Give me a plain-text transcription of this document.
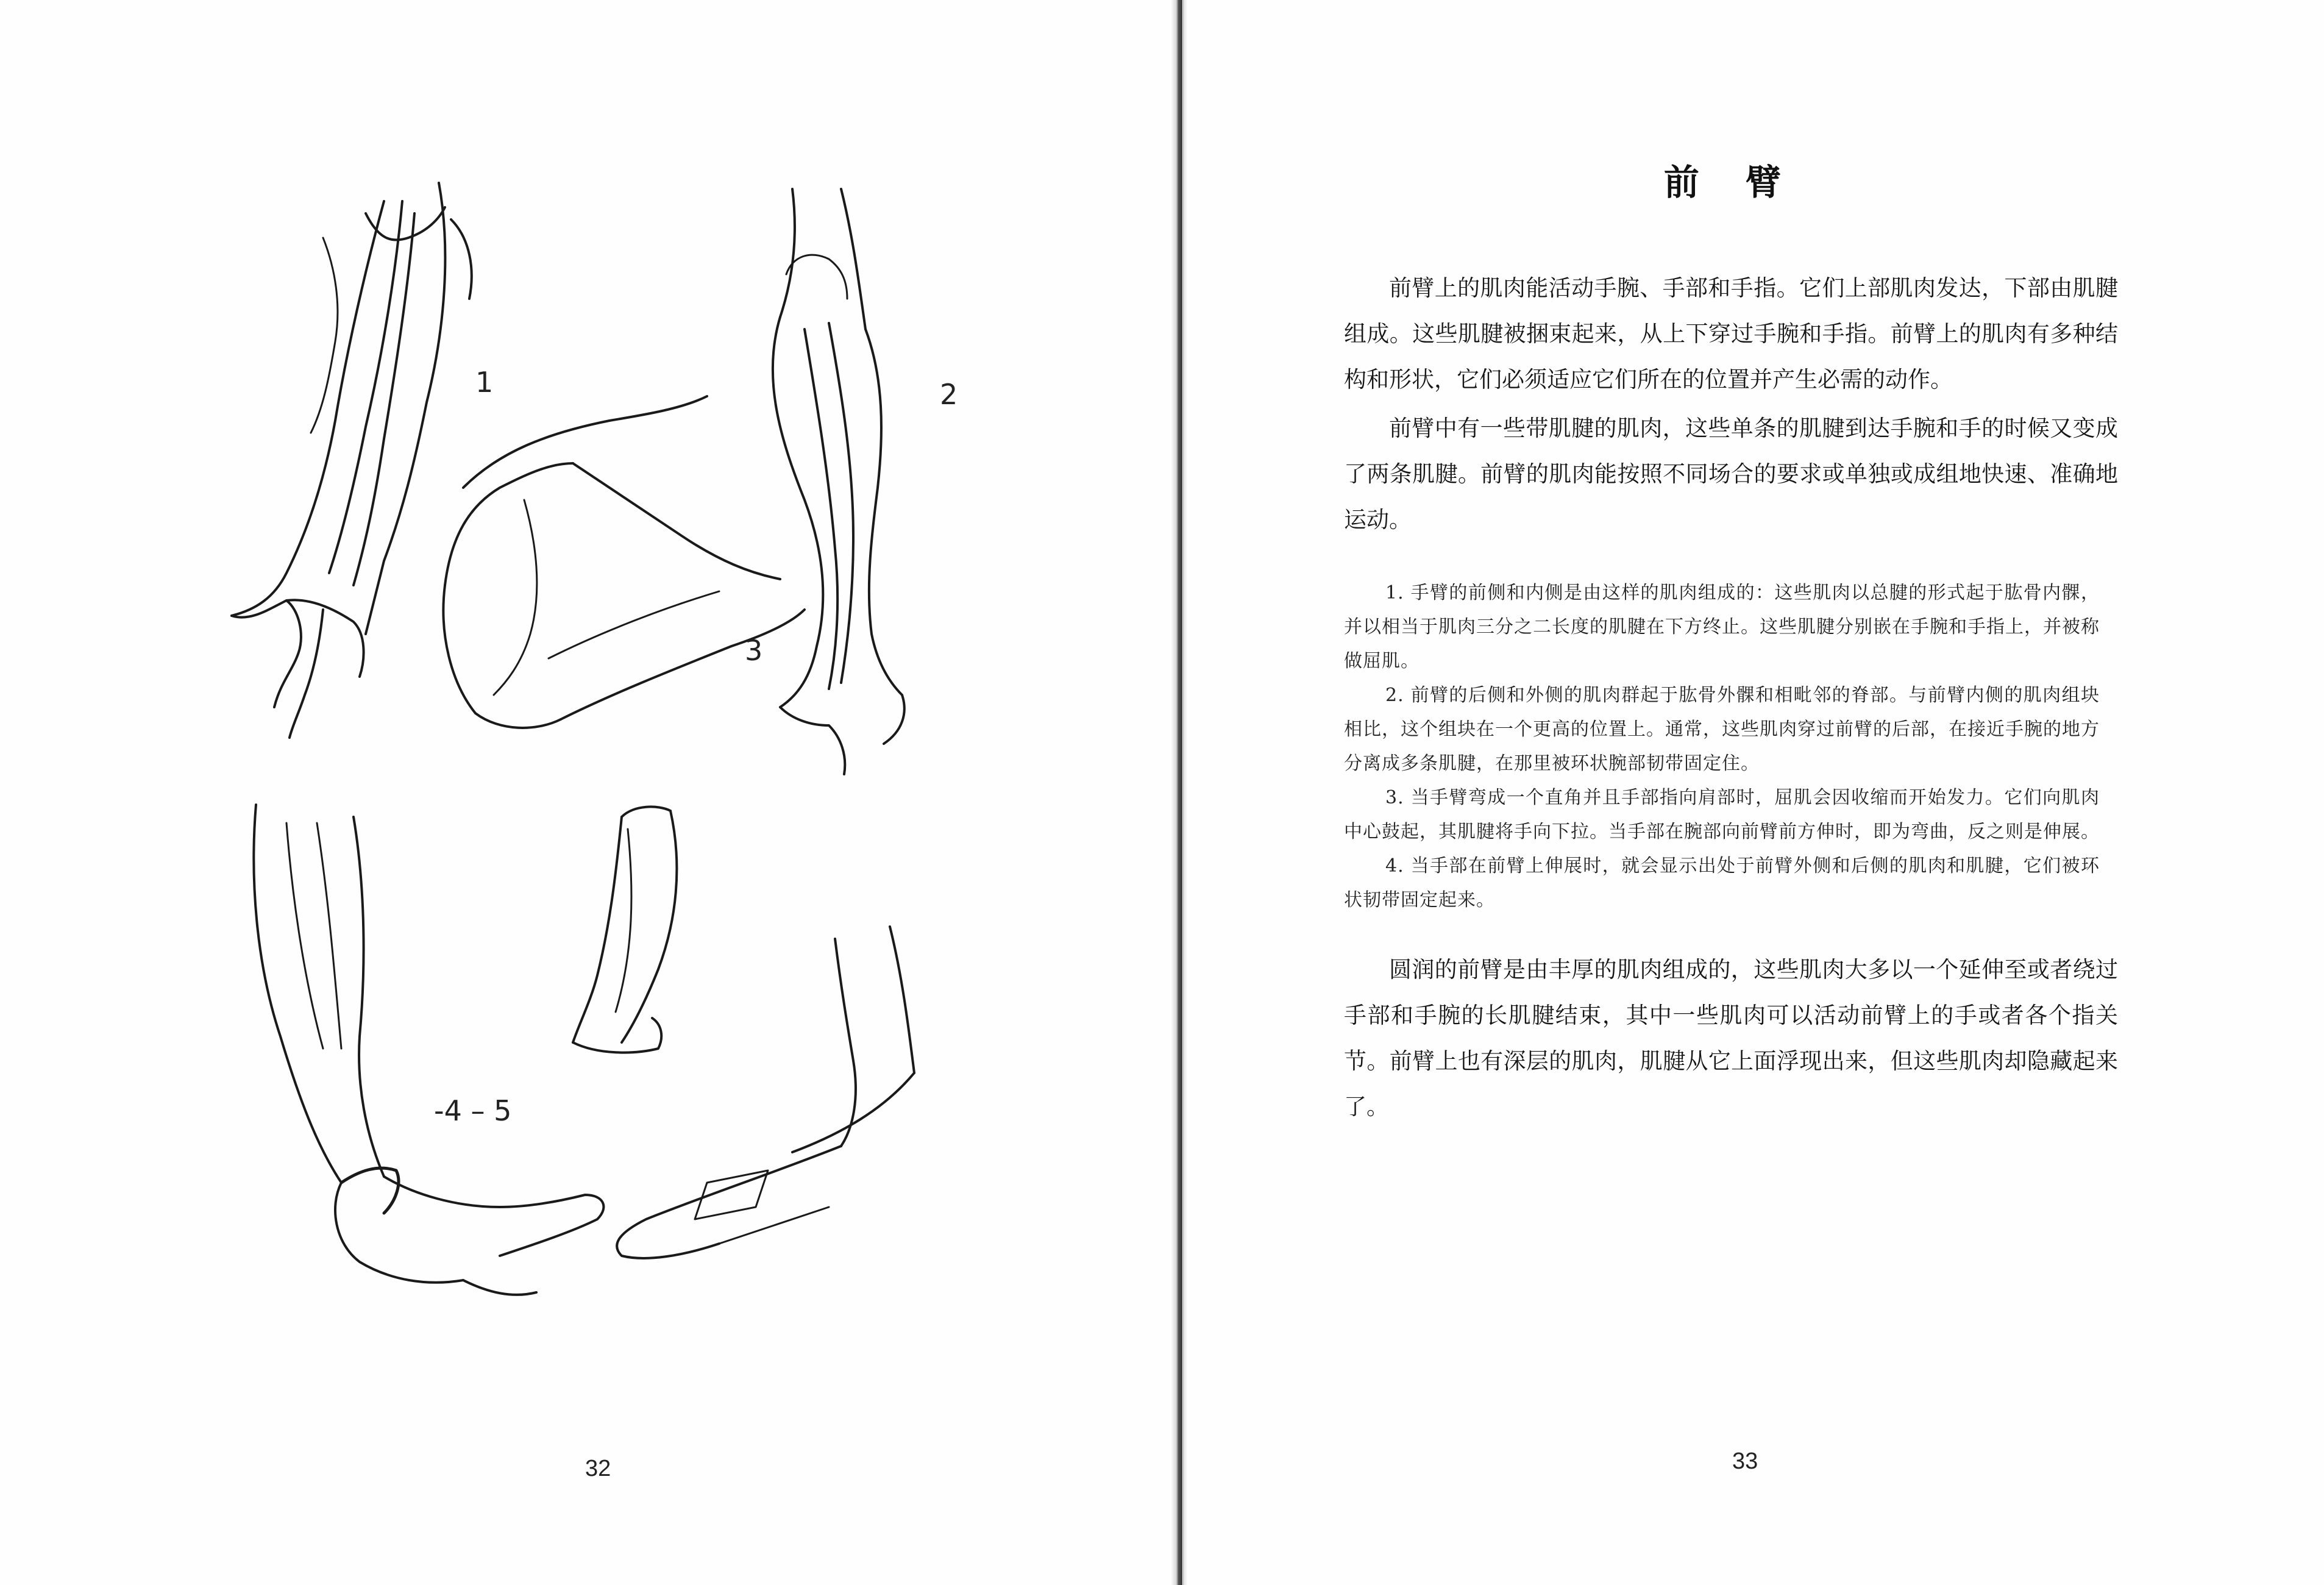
1	2
3
-4 – 5
32
前 臂

前臂上的肌肉能活动手腕、手部和手指。它们上部肌肉发达，下部由肌腱组成。这些肌腱被捆束起来，从上下穿过手腕和手指。前臂上的肌肉有多种结构和形状，它们必须适应它们所在的位置并产生必需的动作。

前臂中有一些带肌腱的肌肉，这些单条的肌腱到达手腕和手的时候又变成了两条肌腱。前臂的肌肉能按照不同场合的要求或单独或成组地快速、准确地运动。

1. 手臂的前侧和内侧是由这样的肌肉组成的：这些肌肉以总腱的形式起于肱骨内髁，并以相当于肌肉三分之二长度的肌腱在下方终止。这些肌腱分别嵌在手腕和手指上，并被称做屈肌。

2. 前臂的后侧和外侧的肌肉群起于肱骨外髁和相毗邻的脊部。与前臂内侧的肌肉组块相比，这个组块在一个更高的位置上。通常，这些肌肉穿过前臂的后部，在接近手腕的地方分离成多条肌腱，在那里被环状腕部韧带固定住。

3. 当手臂弯成一个直角并且手部指向肩部时，屈肌会因收缩而开始发力。它们向肌肉中心鼓起，其肌腱将手向下拉。当手部在腕部向前臂前方伸时，即为弯曲，反之则是伸展。

4. 当手部在前臂上伸展时，就会显示出处于前臂外侧和后侧的肌肉和肌腱，它们被环状韧带固定起来。

圆润的前臂是由丰厚的肌肉组成的，这些肌肉大多以一个延伸至或者绕过手部和手腕的长肌腱结束，其中一些肌肉可以活动前臂上的手或者各个指关节。前臂上也有深层的肌肉，肌腱从它上面浮现出来，但这些肌肉却隐藏起来了。

33
